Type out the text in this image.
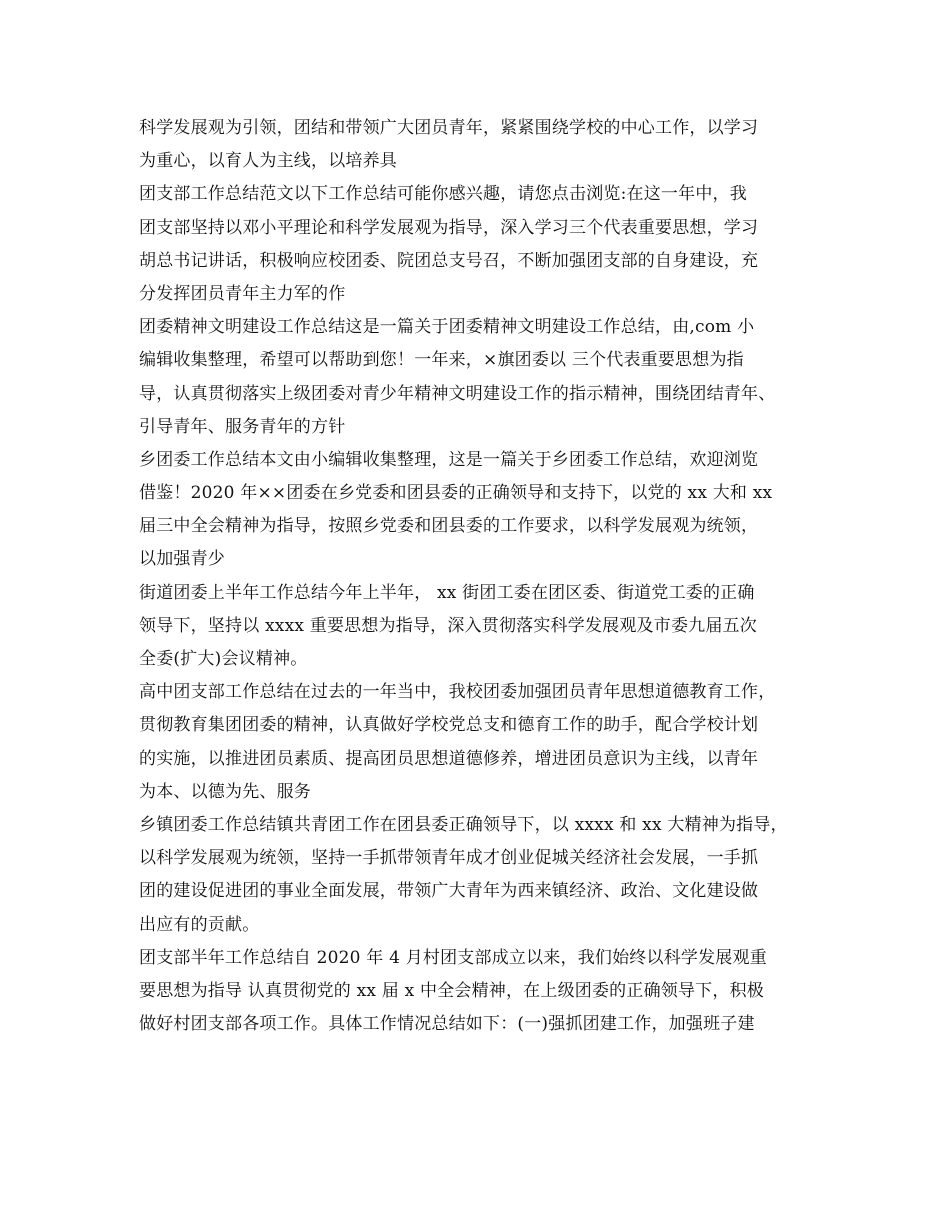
科学发展观为引领，团结和带领广大团员青年，紧紧围绕学校的中心工作，以学习
为重心，以育人为主线，以培养具
团支部工作总结范文以下工作总结可能你感兴趣，请您点击浏览:在这一年中，我
团支部坚持以邓小平理论和科学发展观为指导，深入学习三个代表重要思想，学习
胡总书记讲话，积极响应校团委、院团总支号召，不断加强团支部的自身建设，充
分发挥团员青年主力军的作
团委精神文明建设工作总结这是一篇关于团委精神文明建设工作总结，由,com 小
编辑收集整理，希望可以帮助到您！一年来，×旗团委以 三个代表重要思想为指
导，认真贯彻落实上级团委对青少年精神文明建设工作的指示精神，围绕团结青年、
引导青年、服务青年的方针
乡团委工作总结本文由小编辑收集整理，这是一篇关于乡团委工作总结，欢迎浏览
借鉴！2020 年××团委在乡党委和团县委的正确领导和支持下，以党的 xx 大和 xx
届三中全会精神为指导，按照乡党委和团县委的工作要求，以科学发展观为统领，
以加强青少
街道团委上半年工作总结今年上半年， xx 街团工委在团区委、街道党工委的正确
领导下，坚持以 xxxx 重要思想为指导，深入贯彻落实科学发展观及市委九届五次
全委(扩大)会议精神。
高中团支部工作总结在过去的一年当中，我校团委加强团员青年思想道德教育工作，
贯彻教育集团团委的精神，认真做好学校党总支和德育工作的助手，配合学校计划
的实施，以推进团员素质、提高团员思想道德修养，增进团员意识为主线，以青年
为本、以德为先、服务
乡镇团委工作总结镇共青团工作在团县委正确领导下，以 xxxx 和 xx 大精神为指导，
以科学发展观为统领，坚持一手抓带领青年成才创业促城关经济社会发展，一手抓
团的建设促进团的事业全面发展，带领广大青年为西来镇经济、政治、文化建设做
出应有的贡献。
团支部半年工作总结自 2020 年 4 月村团支部成立以来，我们始终以科学发展观重
要思想为指导 认真贯彻党的 xx 届 x 中全会精神，在上级团委的正确领导下，积极
做好村团支部各项工作。具体工作情况总结如下：(一)强抓团建工作，加强班子建
